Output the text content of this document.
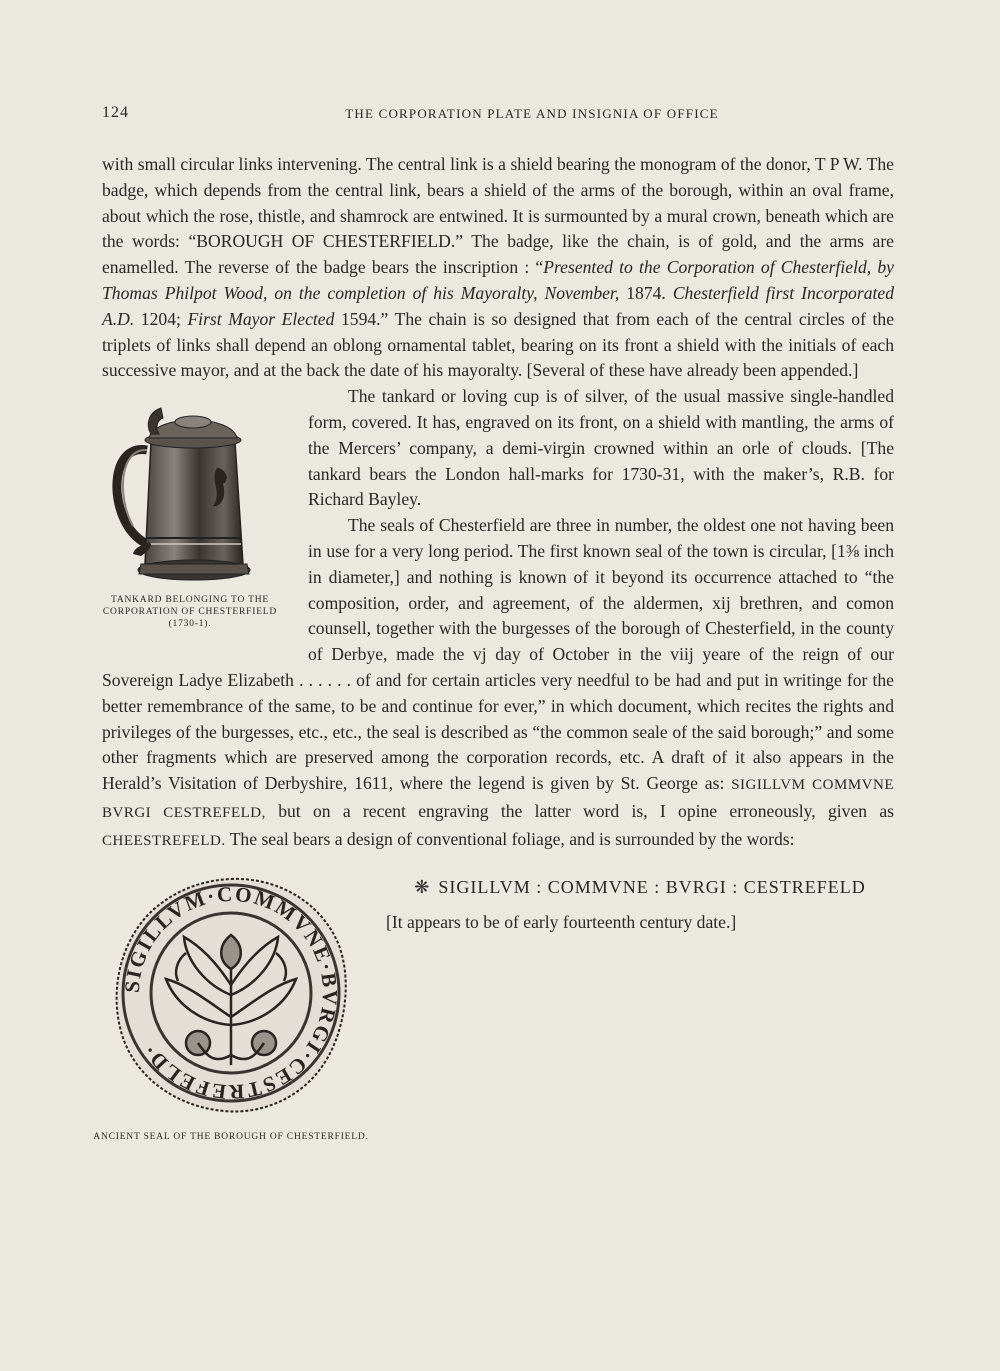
124	THE CORPORATION PLATE AND INSIGNIA OF OFFICE

with small circular links intervening. The central link is a shield bearing the monogram of the donor, T P W. The badge, which depends from the central link, bears a shield of the arms of the borough, within an oval frame, about which the rose, thistle, and shamrock are entwined. It is surmounted by a mural crown, beneath which are the words: “BOROUGH OF CHESTERFIELD.” The badge, like the chain, is of gold, and the arms are enamelled. The reverse of the badge bears the inscription : “Presented to the Corporation of Chesterfield, by Thomas Philpot Wood, on the completion of his Mayoralty, November, 1874. Chesterfield first Incorporated A.D. 1204; First Mayor Elected 1594.” The chain is so designed that from each of the central circles of the triplets of links shall depend an oblong ornamental tablet, bearing on its front a shield with the initials of each successive mayor, and at the back the date of his mayoralty. [Several of these have already been appended.]

TANKARD BELONGING TO THE CORPORATION OF CHESTERFIELD (1730-1).

The tankard or loving cup is of silver, of the usual massive single-handled form, covered. It has, engraved on its front, on a shield with mantling, the arms of the Mercers’ company, a demi-virgin crowned within an orle of clouds. [The tankard bears the London hall-marks for 1730-31, with the maker’s, R.B. for Richard Bayley.

The seals of Chesterfield are three in number, the oldest one not having been in use for a very long period. The first known seal of the town is circular, [1⅜ inch in diameter,] and nothing is known of it beyond its occurrence attached to “the composition, order, and agreement, of the aldermen, xij brethren, and comon counsell, together with the burgesses of the borough of Chesterfield, in the county of Derbye, made the vj day of October in the viij yeare of the reign of our Sovereign Ladye Elizabeth . . . . . . of and for certain articles very needful to be had and put in writinge for the better remembrance of the same, to be and continue for ever,” in which document, which recites the rights and privileges of the burgesses, etc., etc., the seal is described as “the common seale of the said borough;” and some other fragments which are preserved among the corporation records, etc. A draft of it also appears in the Herald’s Visitation of Derbyshire, 1611, where the legend is given by St. George as: SIGILLVM COMMVNE BVRGI CESTREFELD, but on a recent engraving the latter word is, I opine erroneously, given as CHEESTREFELD. The seal bears a design of conventional foliage, and is surrounded by the words:

SIGILLVM·COMMVNE·BVRGI·CESTREFELD·
ANCIENT SEAL OF THE BOROUGH OF CHESTERFIELD.
❋ SIGILLVM : COMMVNE : BVRGI : CESTREFELD

[It appears to be of early fourteenth century date.]
